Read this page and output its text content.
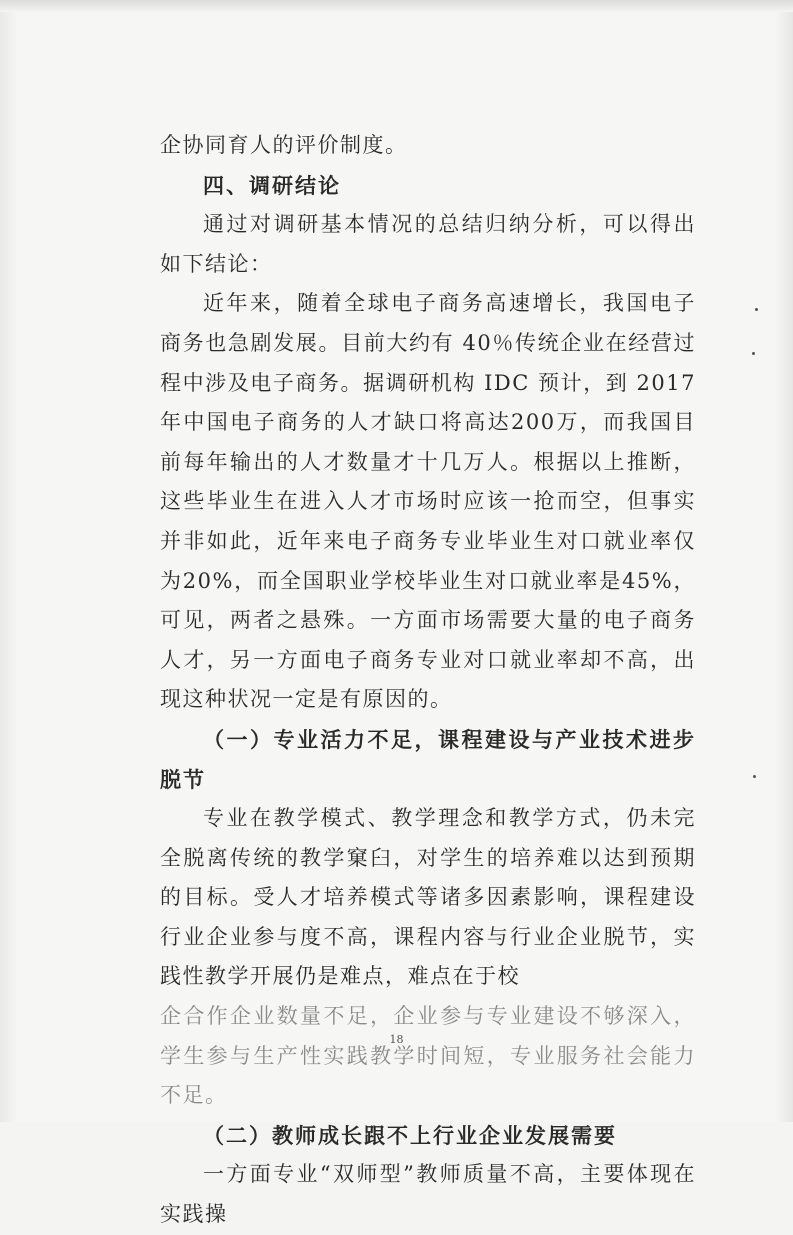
企协同育人的评价制度。

四、调研结论

通过对调研基本情况的总结归纳分析，可以得出如下结论：

近年来，随着全球电子商务高速增长，我国电子商务也急剧发展。目前大约有 40％传统企业在经营过程中涉及电子商务。据调研机构 IDC 预计，到 2017 年中国电子商务的人才缺口将高达200万，而我国目前每年输出的人才数量才十几万人。根据以上推断，这些毕业生在进入人才市场时应该一抢而空，但事实并非如此，近年来电子商务专业毕业生对口就业率仅为20%，而全国职业学校毕业生对口就业率是45%，可见，两者之悬殊。一方面市场需要大量的电子商务人才，另一方面电子商务专业对口就业率却不高，出现这种状况一定是有原因的。

（一）专业活力不足，课程建设与产业技术进步脱节

专业在教学模式、教学理念和教学方式，仍未完全脱离传统的教学窠臼，对学生的培养难以达到预期的目标。受人才培养模式等诸多因素影响，课程建设行业企业参与度不高，课程内容与行业企业脱节，实践性教学开展仍是难点，难点在于校

企合作企业数量不足，企业参与专业建设不够深入，学生参与生产性实践教学时间短，专业服务社会能力不足。

（二）教师成长跟不上行业企业发展需要

一方面专业“双师型”教师质量不高，主要体现在实践操

18
